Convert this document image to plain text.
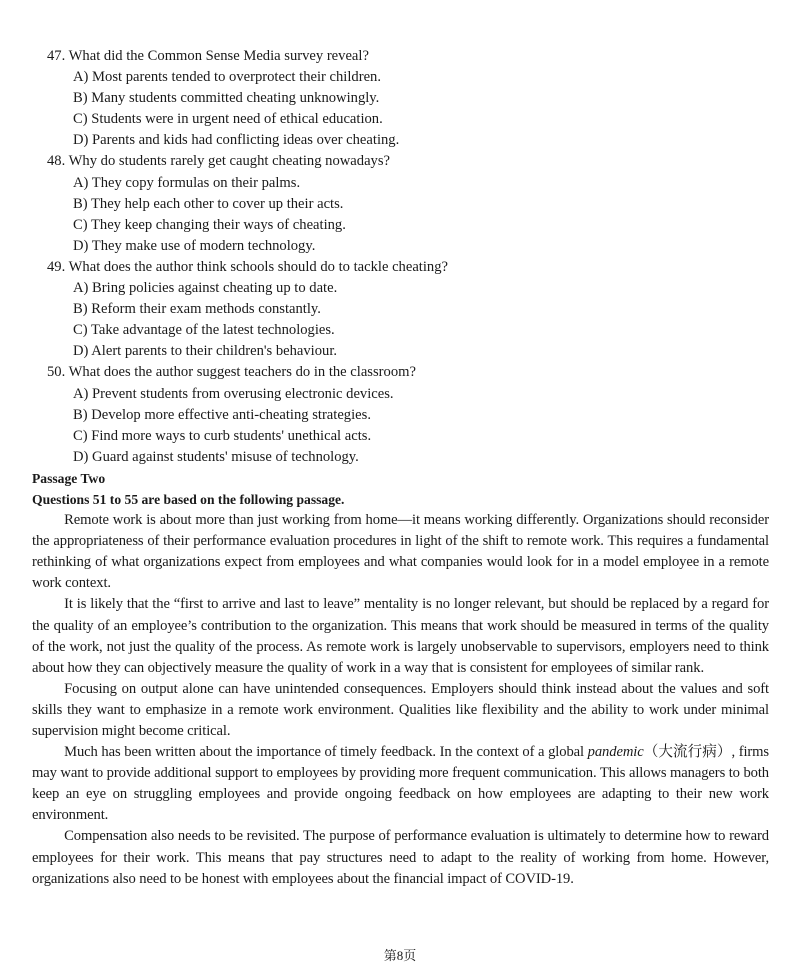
47. What did the Common Sense Media survey reveal?
A) Most parents tended to overprotect their children.
B) Many students committed cheating unknowingly.
C) Students were in urgent need of ethical education.
D) Parents and kids had conflicting ideas over cheating.
48. Why do students rarely get caught cheating nowadays?
A) They copy formulas on their palms.
B) They help each other to cover up their acts.
C) They keep changing their ways of cheating.
D) They make use of modern technology.
49. What does the author think schools should do to tackle cheating?
A) Bring policies against cheating up to date.
B) Reform their exam methods constantly.
C) Take advantage of the latest technologies.
D) Alert parents to their children's behaviour.
50. What does the author suggest teachers do in the classroom?
A) Prevent students from overusing electronic devices.
B) Develop more effective anti-cheating strategies.
C) Find more ways to curb students' unethical acts.
D) Guard against students' misuse of technology.
Passage Two
Questions 51 to 55 are based on the following passage.

Remote work is about more than just working from home—it means working differently. Organizations should reconsider the appropriateness of their performance evaluation procedures in light of the shift to remote work. This requires a fundamental rethinking of what organizations expect from employees and what companies would look for in a model employee in a remote work context.

It is likely that the “first to arrive and last to leave” mentality is no longer relevant, but should be replaced by a regard for the quality of an employee’s contribution to the organization. This means that work should be measured in terms of the quality of the work, not just the quality of the process. As remote work is largely unobservable to supervisors, employers need to think about how they can objectively measure the quality of work in a way that is consistent for employees of similar rank.

Focusing on output alone can have unintended consequences. Employers should think instead about the values and soft skills they want to emphasize in a remote work environment. Qualities like flexibility and the ability to work under minimal supervision might become critical.

Much has been written about the importance of timely feedback. In the context of a global pandemic（大流行病）, firms may want to provide additional support to employees by providing more frequent communication. This allows managers to both keep an eye on struggling employees and provide ongoing feedback on how employees are adapting to their new work environment.

Compensation also needs to be revisited. The purpose of performance evaluation is ultimately to determine how to reward employees for their work. This means that pay structures need to adapt to the reality of working from home. However, organizations also need to be honest with employees about the financial impact of COVID-19.

第8页
